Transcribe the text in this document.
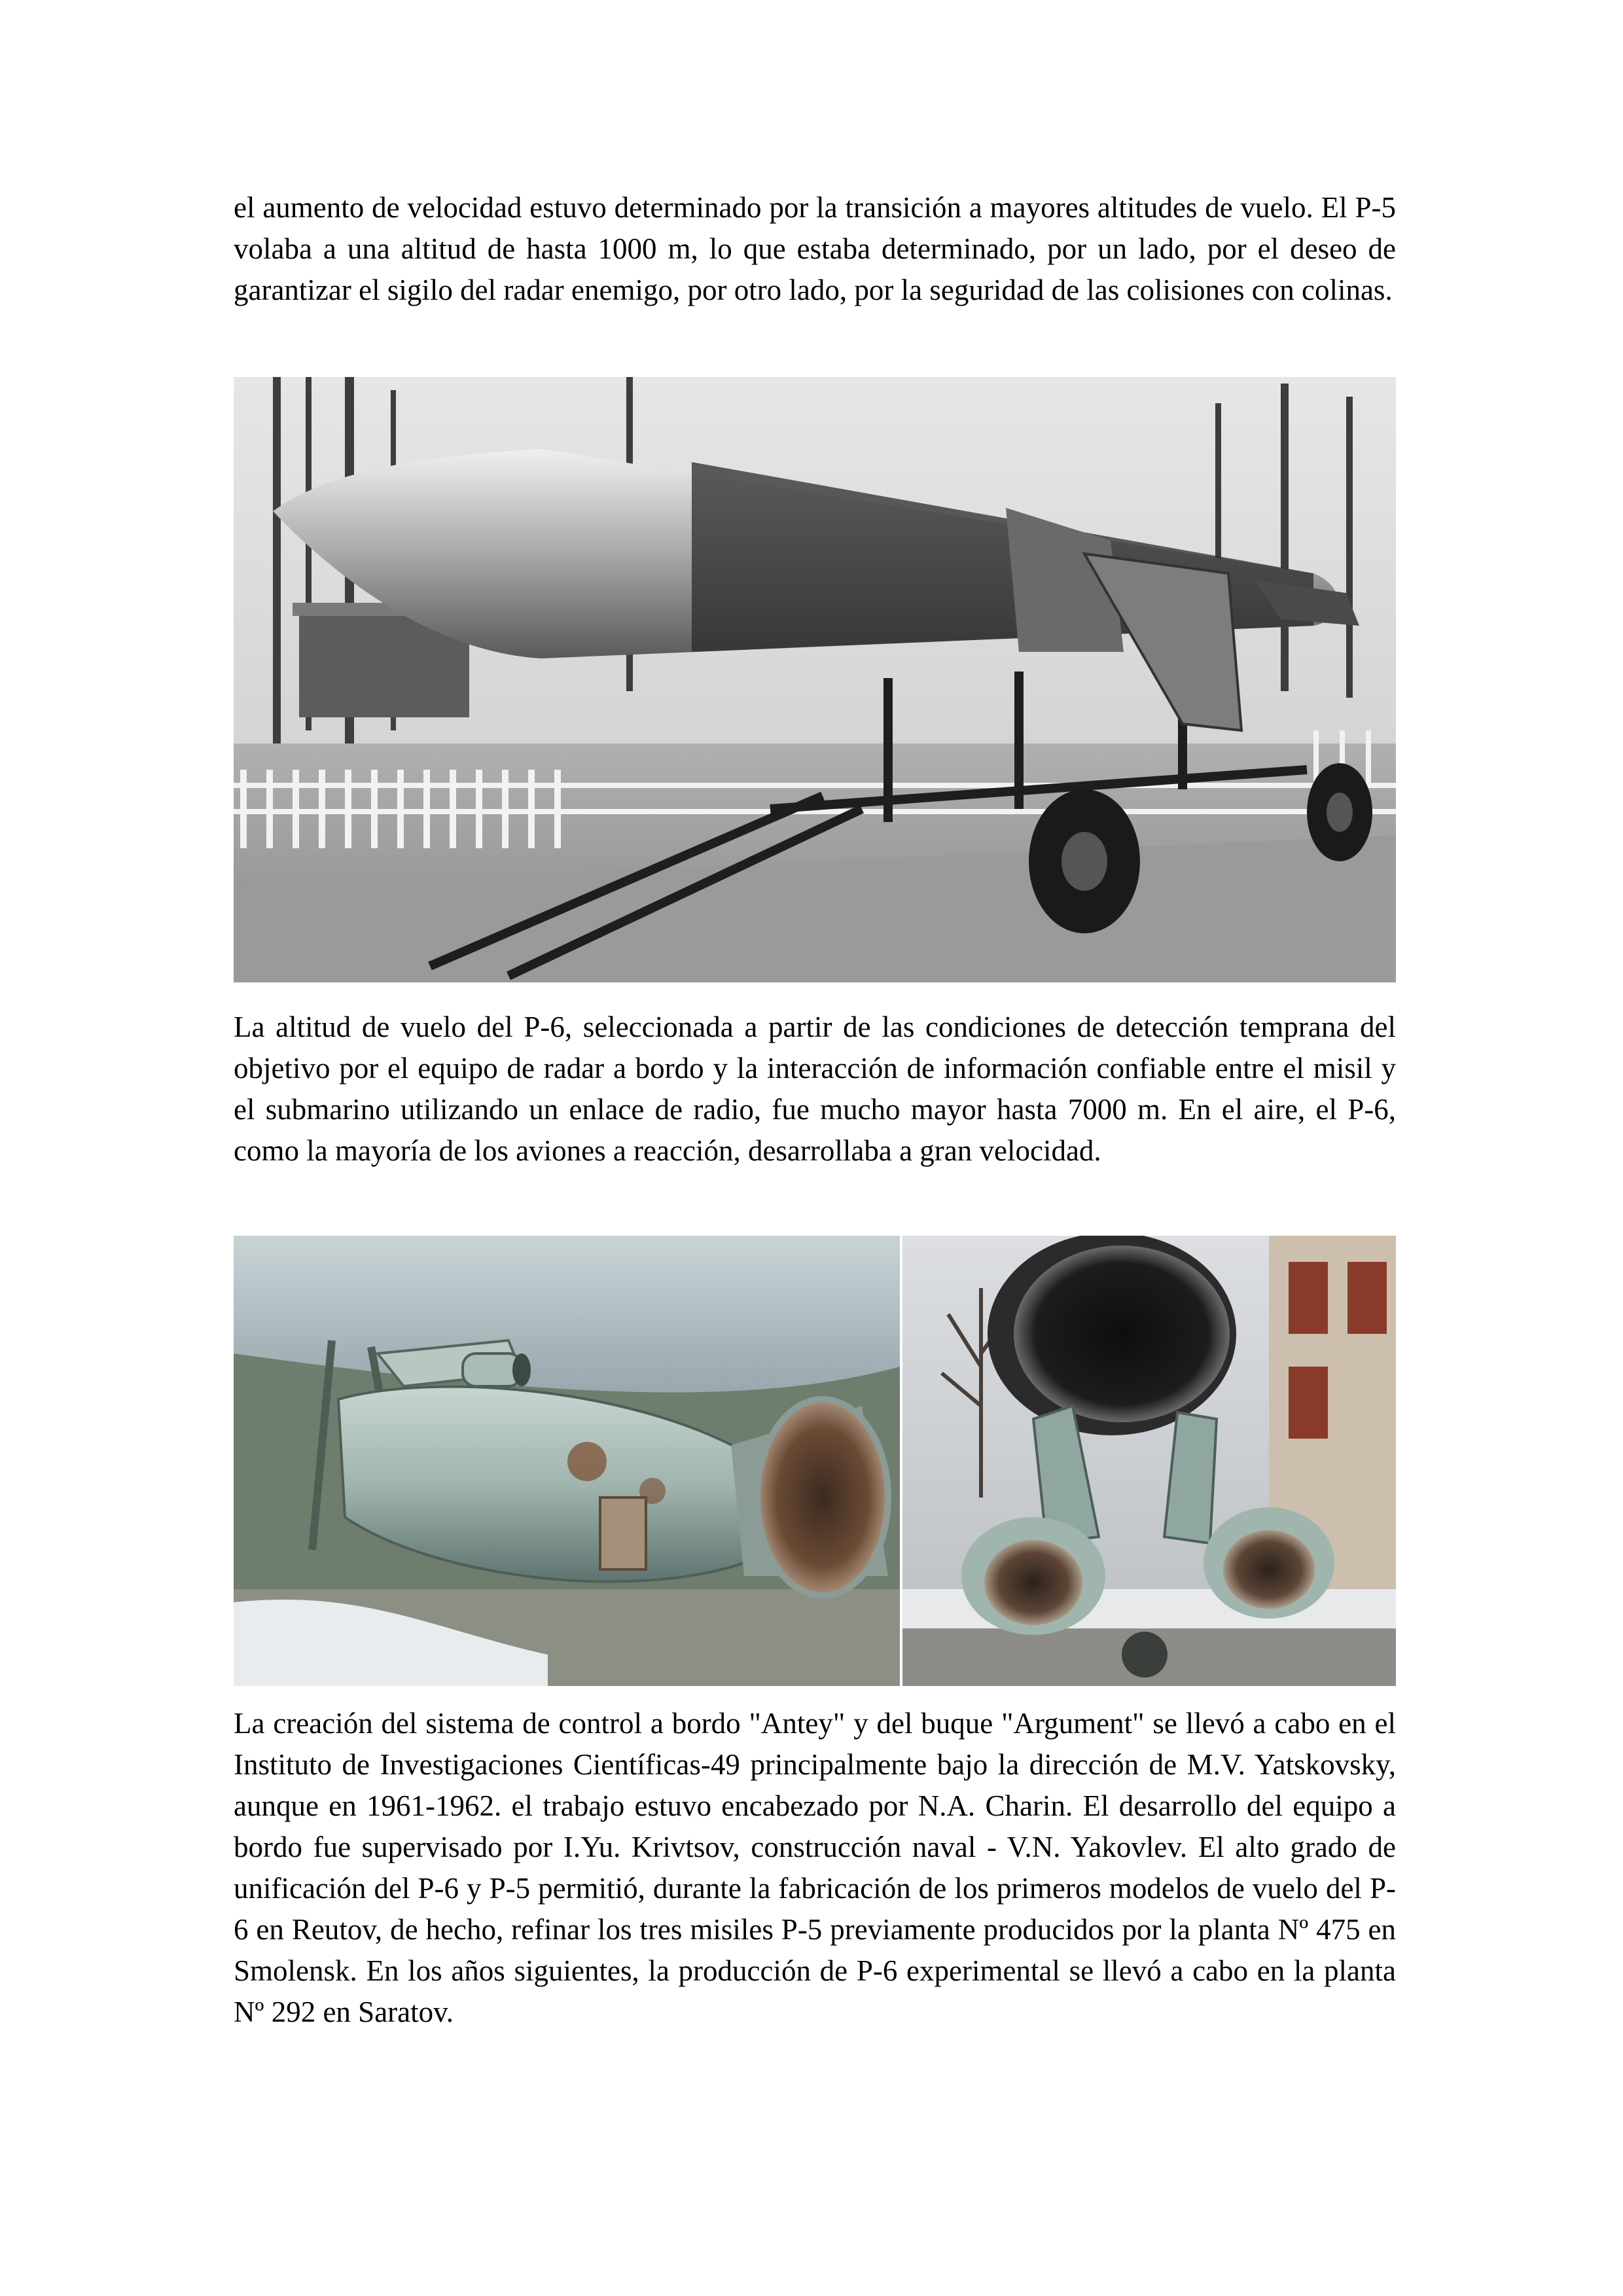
el aumento de velocidad estuvo determinado por la transición a mayores altitudes de vuelo. El P-5 volaba a una altitud de hasta 1000 m, lo que estaba determinado, por un lado, por el deseo de garantizar el sigilo del radar enemigo, por otro lado, por la seguridad de las colisiones con colinas.

La altitud de vuelo del P-6, seleccionada a partir de las condiciones de detección temprana del objetivo por el equipo de radar a bordo y la interacción de información confiable entre el misil y el submarino utilizando un enlace de radio, fue mucho mayor hasta 7000 m. En el aire, el P-6, como la mayoría de los aviones a reacción, desarrollaba a gran velocidad.

La creación del sistema de control a bordo "Antey" y del buque "Argument" se llevó a cabo en el Instituto de Investigaciones Científicas-49 principalmente bajo la dirección de M.V. Yatskovsky, aunque en 1961-1962. el trabajo estuvo encabezado por N.A. Charin. El desarrollo del equipo a bordo fue supervisado por I.Yu. Krivtsov, construcción naval - V.N. Yakovlev. El alto grado de unificación del P-6 y P-5 permitió, durante la fabricación de los primeros modelos de vuelo del P-6 en Reutov, de hecho, refinar los tres misiles P-5 previamente producidos por la planta Nº 475 en Smolensk. En los años siguientes, la producción de P-6 experimental se llevó a cabo en la planta Nº 292 en Saratov.
